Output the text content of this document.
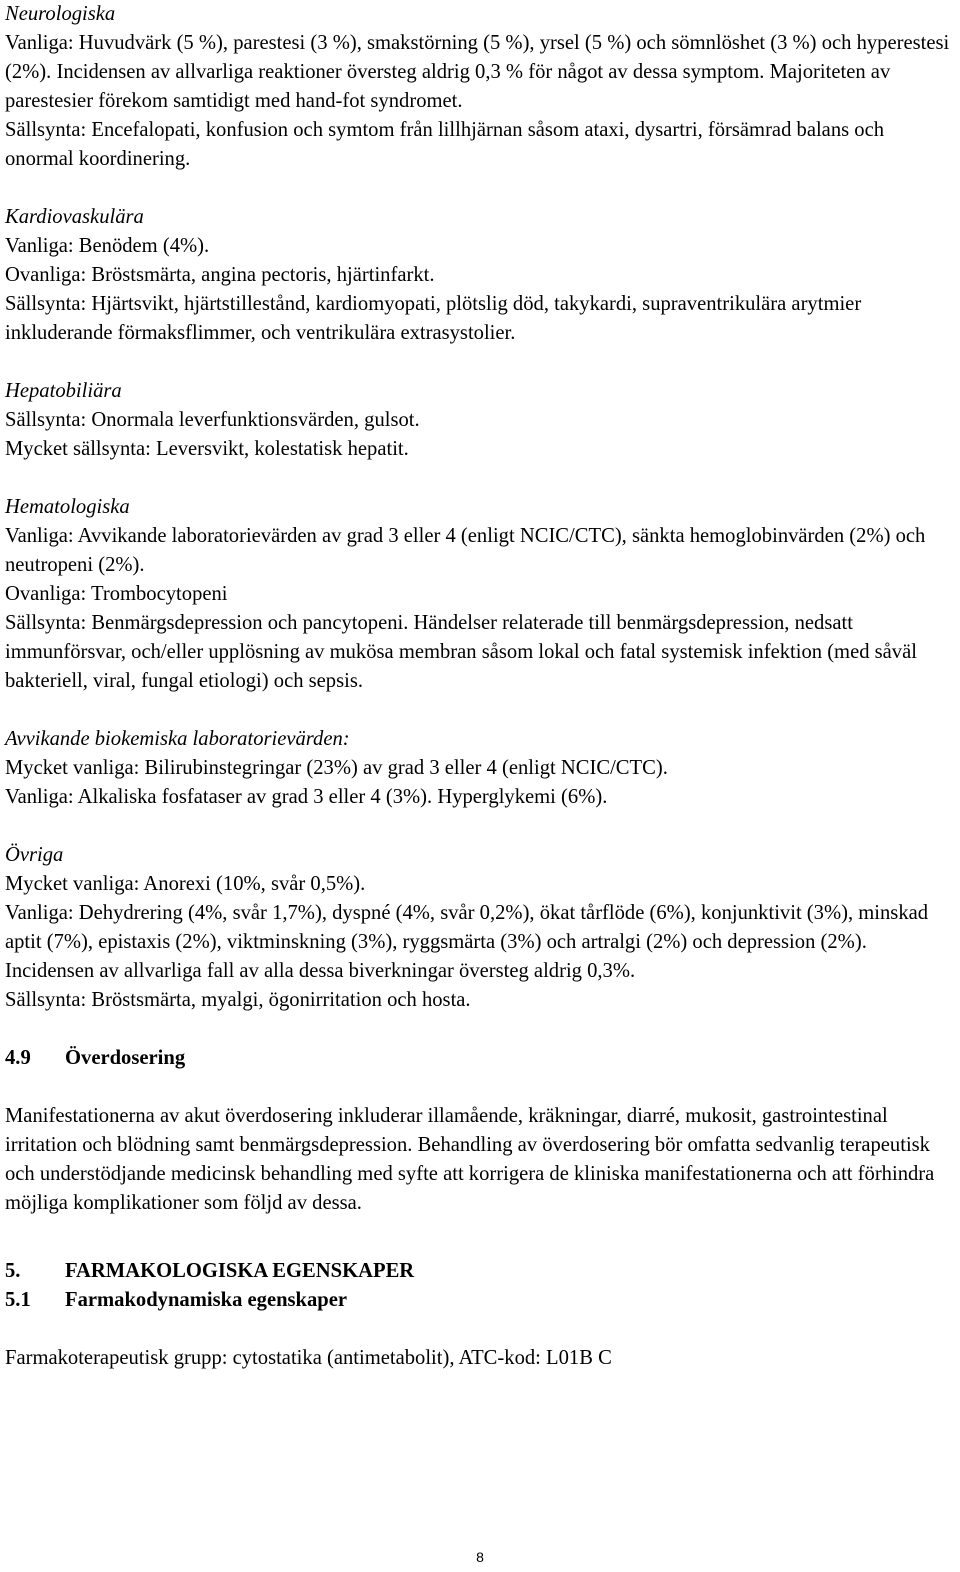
Neurologiska
Vanliga: Huvudvärk (5 %), parestesi (3 %), smakstörning (5 %), yrsel (5 %) och sömnlöshet (3 %) och hyperestesi (2%). Incidensen av allvarliga reaktioner översteg aldrig 0,3 % för något av dessa symptom. Majoriteten av parestesier förekom samtidigt med hand-fot syndromet.
Sällsynta: Encefalopati, konfusion och symtom från lillhjärnan såsom ataxi, dysartri, försämrad balans och onormal koordinering.
Kardiovaskulära
Vanliga: Benödem (4%).
Ovanliga: Bröstsmärta, angina pectoris, hjärtinfarkt.
Sällsynta: Hjärtsvikt, hjärtstillestånd, kardiomyopati, plötslig död, takykardi, supraventrikulära arytmier inkluderande förmaksflimmer, och ventrikulära extrasystolier.
Hepatobiliära
Sällsynta: Onormala leverfunktionsvärden, gulsot.
Mycket sällsynta: Leversvikt, kolestatisk hepatit.
Hematologiska
Vanliga: Avvikande laboratorievärden av grad 3 eller 4 (enligt NCIC/CTC), sänkta hemoglobinvärden (2%) och neutropeni (2%).
Ovanliga: Trombocytopeni
Sällsynta: Benmärgsdepression och pancytopeni. Händelser relaterade till benmärgsdepression, nedsatt immunförsvar, och/eller upplösning av mukösa membran såsom lokal och fatal systemisk infektion (med såväl bakteriell, viral, fungal etiologi) och sepsis.
Avvikande biokemiska laboratorievärden:
Mycket vanliga: Bilirubinstegringar (23%) av grad 3 eller 4 (enligt NCIC/CTC).
Vanliga: Alkaliska fosfataser av grad 3 eller 4 (3%). Hyperglykemi (6%).
Övriga
Mycket vanliga: Anorexi (10%, svår 0,5%).
Vanliga: Dehydrering (4%, svår 1,7%), dyspné (4%, svår 0,2%), ökat tårflöde (6%), konjunktivit (3%), minskad aptit (7%), epistaxis (2%), viktminskning (3%), ryggsmärta (3%) och artralgi (2%) och depression (2%). Incidensen av allvarliga fall av alla dessa biverkningar översteg aldrig 0,3%.
Sällsynta: Bröstsmärta, myalgi, ögonirritation och hosta.
4.9 Överdosering
Manifestationerna av akut överdosering inkluderar illamående, kräkningar, diarré, mukosit, gastrointestinal irritation och blödning samt benmärgsdepression. Behandling av överdosering bör omfatta sedvanlig terapeutisk och understödjande medicinsk behandling med syfte att korrigera de kliniska manifestationerna och att förhindra möjliga komplikationer som följd av dessa.
5. FARMAKOLOGISKA EGENSKAPER
5.1 Farmakodynamiska egenskaper
Farmakoterapeutisk grupp: cytostatika (antimetabolit), ATC-kod: L01B C
8
